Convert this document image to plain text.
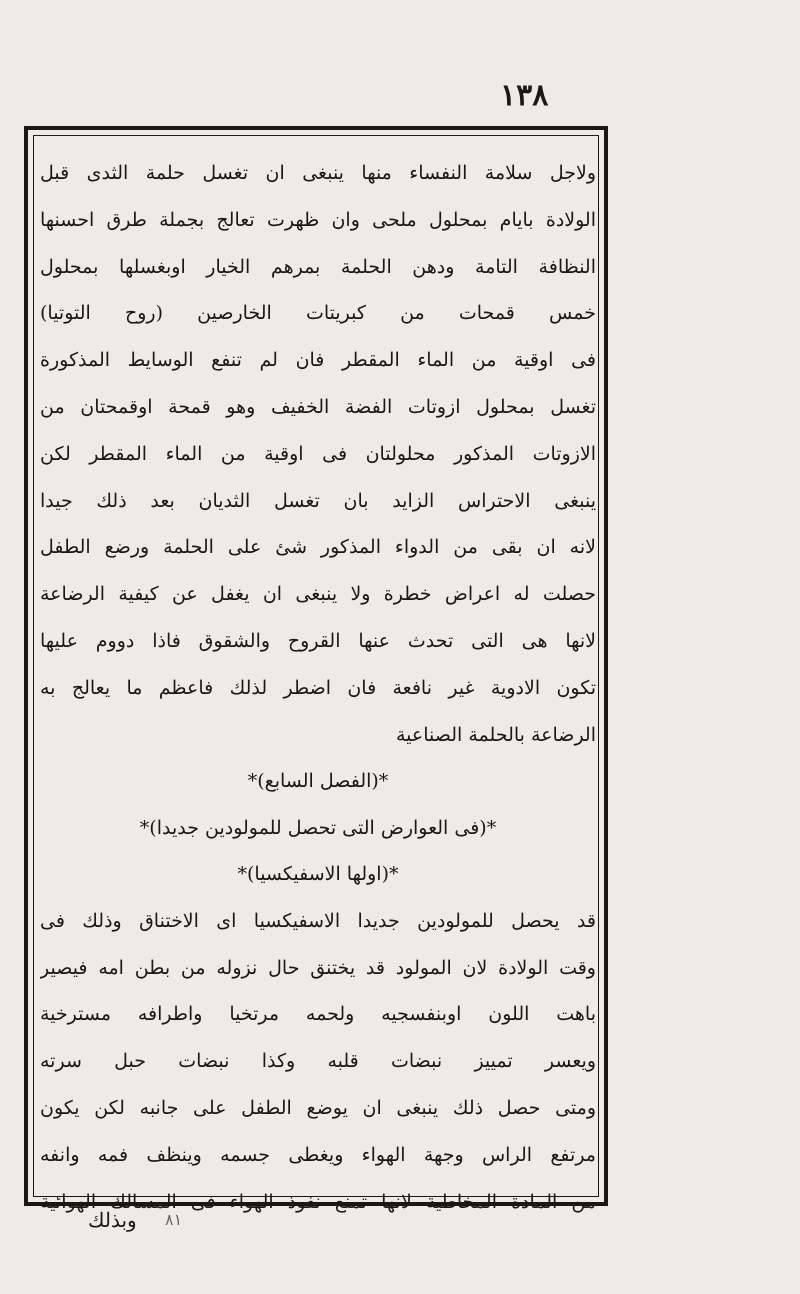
١٣٨
ولاجل سلامة النفساء منها ينبغى ان تغسل حلمة الثدى قبل
الولادة بايام بمحلول ملحى وان ظهرت تعالج بجملة طرق احسنها
النظافة التامة ودهن الحلمة بمرهم الخيار اوبغسلها بمحلول
خمس قمحات من كبريتات الخارصين (روح التوتيا)
فى اوقية من الماء المقطر فان لم تنفع الوسايط المذكورة
تغسل بمحلول ازوتات الفضة الخفيف وهو قمحة اوقمحتان من
الازوتات المذكور محلولتان فى اوقية من الماء المقطر لكن
ينبغى الاحتراس الزايد بان تغسل الثديان بعد ذلك جيدا
لانه ان بقى من الدواء المذكور شئ على الحلمة ورضع الطفل
حصلت له اعراض خطرة ولا ينبغى ان يغفل عن كيفية الرضاعة
لانها هى التى تحدث عنها القروح والشقوق فاذا دووم عليها
تكون الادوية غير نافعة فان اضطر لذلك فاعظم ما يعالج به
الرضاعة بالحلمة الصناعية
*(الفصل السابع)*
*(فى العوارض التى تحصل للمولودين جديدا)*
*(اولها الاسفيكسيا)*
قد يحصل للمولودين جديدا الاسفيكسيا اى الاختناق وذلك فى
وقت الولادة لان المولود قد يختنق حال نزوله من بطن امه فيصير
باهت اللون اوبنفسجيه ولحمه مرتخيا واطرافه مسترخية
ويعسر تمييز نبضات قلبه وكذا نبضات حبل سرته
ومتى حصل ذلك ينبغى ان يوضع الطفل على جانبه لكن يكون
مرتفع الراس وجهة الهواء ويغطى جسمه وينظف فمه وانفه
من المادة المخاطية لانها تمنع نفوذ الهواء فى المسالك الهوائية
وبذلك ٨١
